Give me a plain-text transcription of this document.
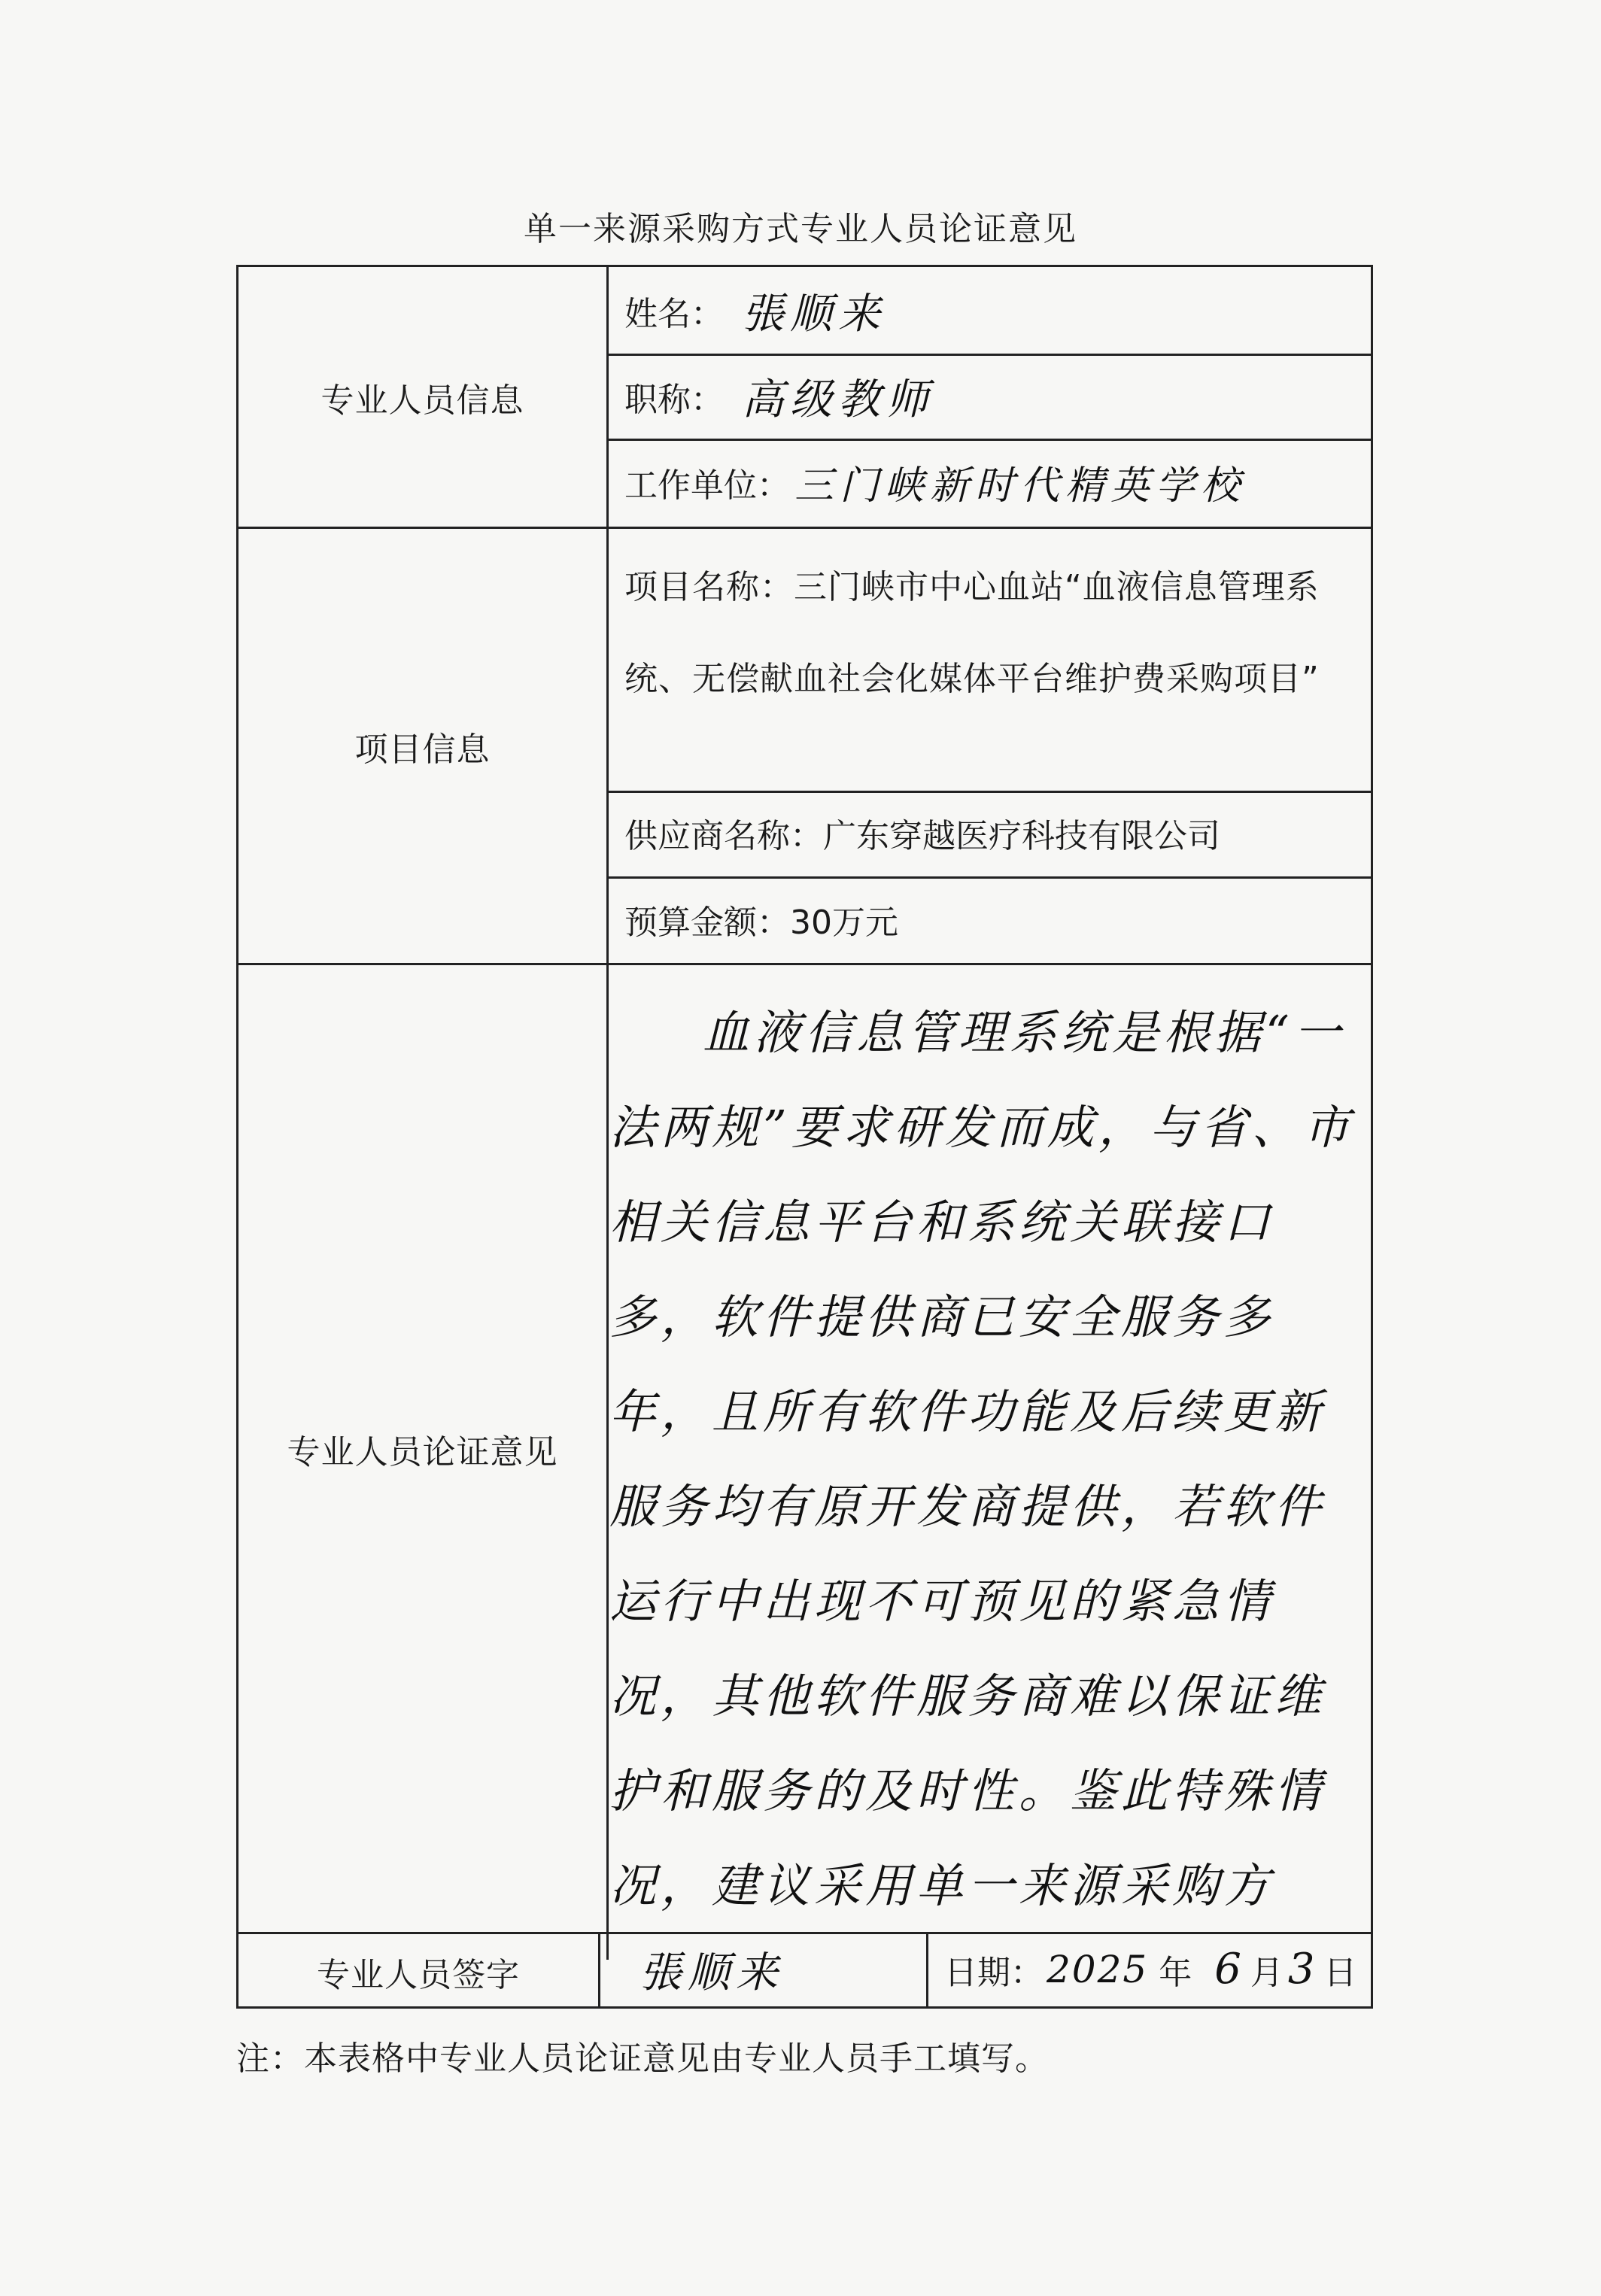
单一来源采购方式专业人员论证意见
专业人员信息
项目信息
专业人员论证意见
专业人员签字
姓名： 張顺来
职称： 高级教师
工作单位： 三门峡新时代精英学校
项目名称：三门峡市中心血站“血液信息管理系统、无偿献血社会化媒体平台维护费采购项目”
供应商名称： 广东穿越医疗科技有限公司
预算金额： 30万元
血液信息管理系统是根据“一法两规”要求研发而成，与省、市相关信息平台和系统关联接口多，软件提供商已安全服务多年，且所有软件功能及后续更新服务均有原开发商提供，若软件运行中出现不可预见的紧急情况，其他软件服务商难以保证维护和服务的及时性。鉴此特殊情况，建议采用单一来源采购方
張顺来	日期： 2025 年 6 月 3 日
注：本表格中专业人员论证意见由专业人员手工填写。
